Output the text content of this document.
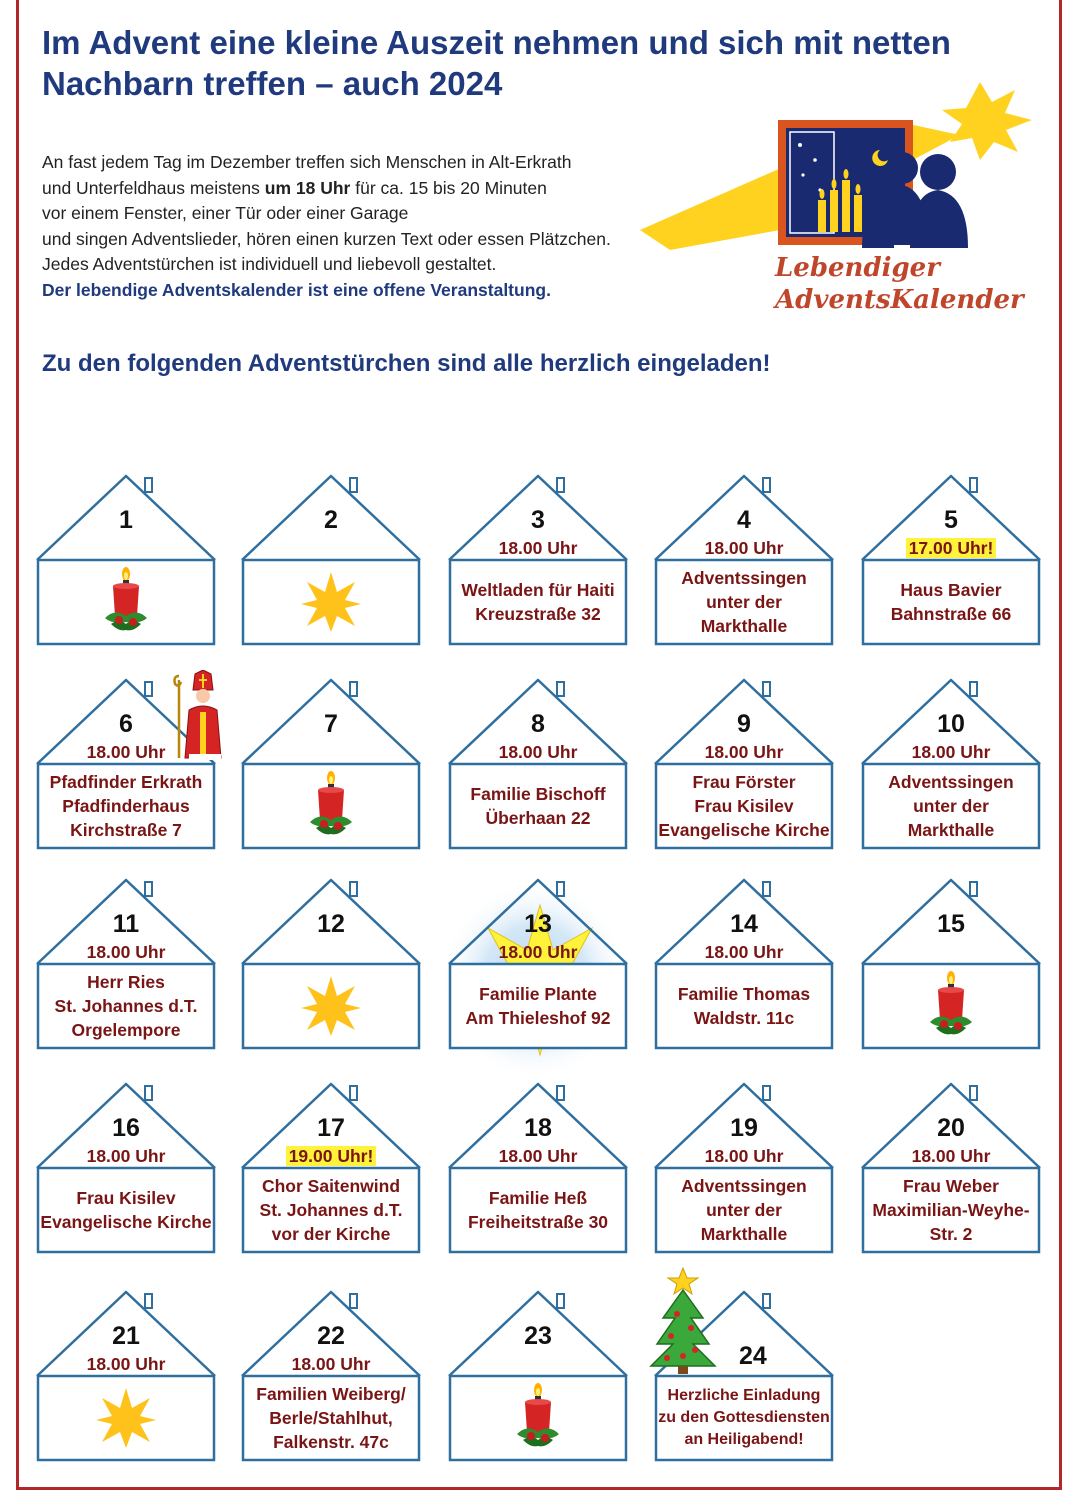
Im Advent eine kleine Auszeit nehmen und sich mit netten Nachbarn treffen – auch 2024
An fast jedem Tag im Dezember treffen sich Menschen in Alt-Erkrath
und Unterfeldhaus meistens um 18 Uhr für ca. 15 bis 20 Minuten
vor einem Fenster, einer Tür oder einer Garage
und singen Adventslieder, hören einen kurzen Text oder essen Plätzchen.
Jedes Adventstürchen ist individuell und liebevoll gestaltet.
Der lebendige Adventskalender ist eine offene Veranstaltung.
Lebendiger
AdventsKalender
Zu den folgenden Adventstürchen sind alle herzlich eingeladen!
1	2	3
18.00 Uhr
Weltladen für Haiti
Kreuzstraße 32
4
18.00 Uhr
Adventssingen
unter der
Markthalle
5
17.00 Uhr!
Haus Bavier
Bahnstraße 66
6
18.00 Uhr
Pfadfinder Erkrath
Pfadfinderhaus
Kirchstraße 7
7	8
18.00 Uhr
Familie Bischoff
Überhaan 22
9
18.00 Uhr
Frau Förster
Frau Kisilev
Evangelische Kirche
10
18.00 Uhr
Adventssingen
unter der
Markthalle
11
18.00 Uhr
Herr Ries
St. Johannes d.T.
Orgelempore
12	13
18.00 Uhr
Familie Plante
Am Thieleshof 92
14
18.00 Uhr
Familie Thomas
Waldstr. 11c
15
16
18.00 Uhr
Frau Kisilev
Evangelische Kirche
17
19.00 Uhr!
Chor Saitenwind
St. Johannes d.T.
vor der Kirche
18
18.00 Uhr
Familie Heß
Freiheitstraße 30
19
18.00 Uhr
Adventssingen
unter der
Markthalle
20
18.00 Uhr
Frau Weber
Maximilian-Weyhe-
Str. 2
21
18.00 Uhr
22
18.00 Uhr
Familien Weiberg/
Berle/Stahlhut,
Falkenstr. 47c
23
24
Herzliche Einladung
zu den Gottesdiensten
an Heiligabend!
